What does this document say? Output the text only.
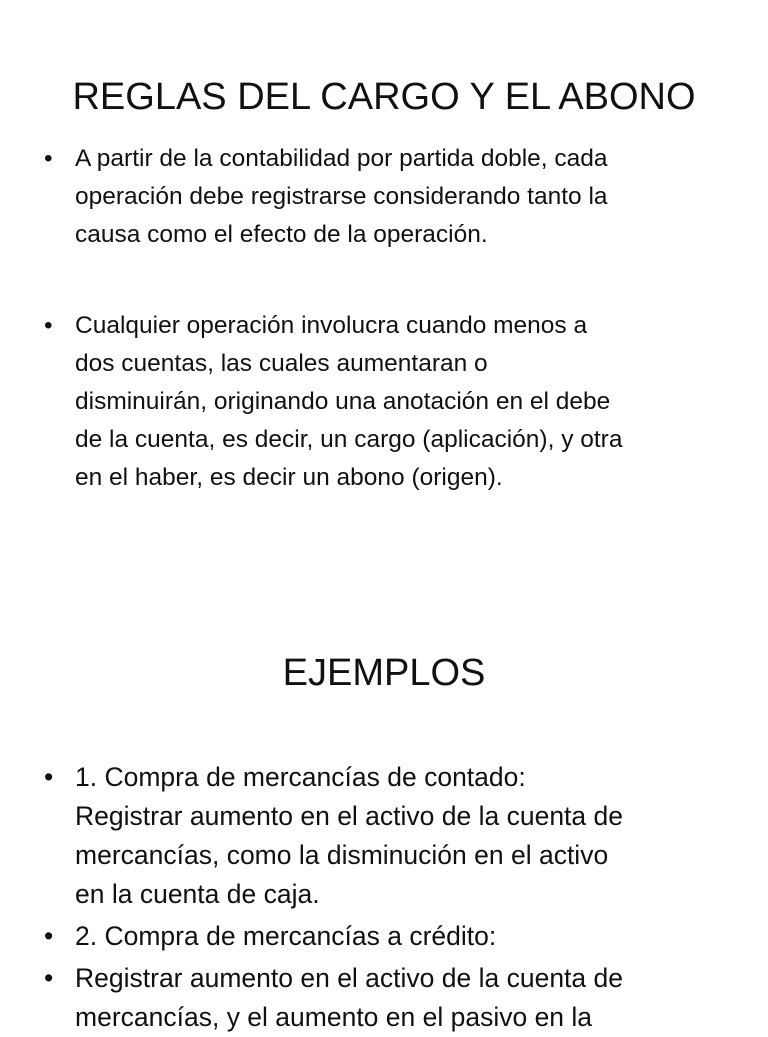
REGLAS DEL CARGO Y EL ABONO
• A partir de la contabilidad por partida doble, cada
operación debe registrarse considerando tanto la
causa como el efecto de la operación.
• Cualquier operación involucra cuando menos a
dos cuentas, las cuales aumentaran o
disminuirán, originando una anotación en el debe
de la cuenta, es decir, un cargo (aplicación), y otra
en el haber, es decir un abono (origen).
EJEMPLOS
• 1. Compra de mercancías de contado:
Registrar aumento en el activo de la cuenta de
mercancías, como la disminución en el activo
en la cuenta de caja.
• 2. Compra de mercancías a crédito:
• Registrar aumento en el activo de la cuenta de
mercancías, y el aumento en el pasivo en la
